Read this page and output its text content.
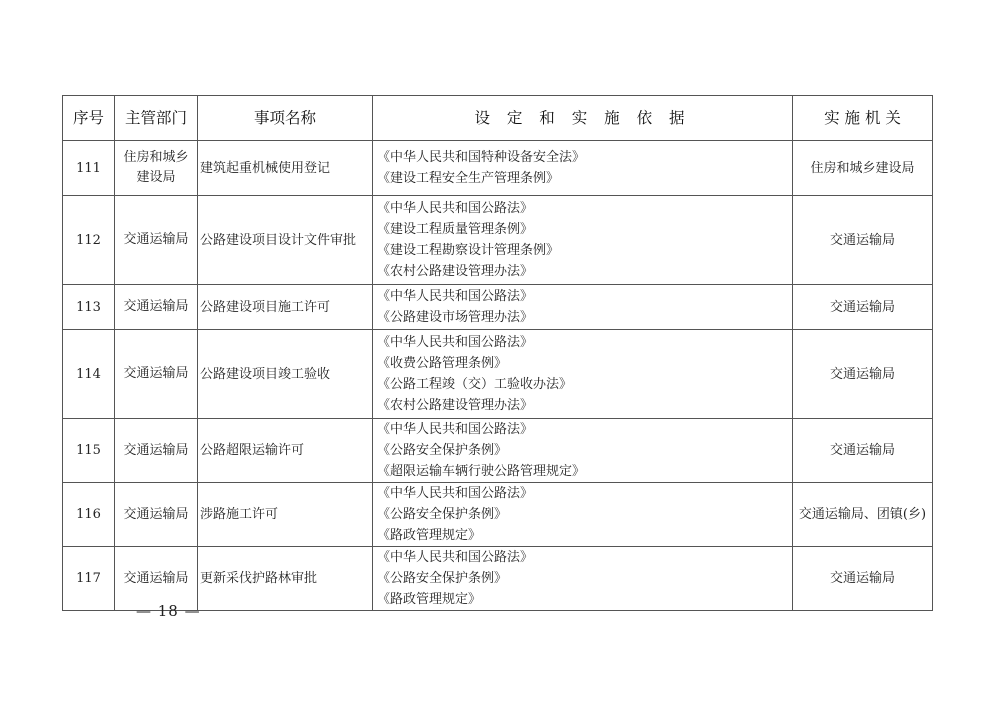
序号	主管部门	事项名称	设 定 和 实 施 依 据	实 施 机 关
111	住房和城乡建设局	建筑起重机械使用登记	《中华人民共和国特种设备安全法》
《建设工程安全生产管理条例》	住房和城乡建设局
112	交通运输局	公路建设项目设计文件审批	《中华人民共和国公路法》
《建设工程质量管理条例》
《建设工程勘察设计管理条例》
《农村公路建设管理办法》	交通运输局
113	交通运输局	公路建设项目施工许可	《中华人民共和国公路法》
《公路建设市场管理办法》	交通运输局
114	交通运输局	公路建设项目竣工验收	《中华人民共和国公路法》
《收费公路管理条例》
《公路工程竣（交）工验收办法》
《农村公路建设管理办法》	交通运输局
115	交通运输局	公路超限运输许可	《中华人民共和国公路法》
《公路安全保护条例》
《超限运输车辆行驶公路管理规定》	交通运输局
116	交通运输局	涉路施工许可	《中华人民共和国公路法》
《公路安全保护条例》
《路政管理规定》	交通运输局、团镇(乡)
117	交通运输局	更新采伐护路林审批	《中华人民共和国公路法》
《公路安全保护条例》
《路政管理规定》	交通运输局
— 18 —
